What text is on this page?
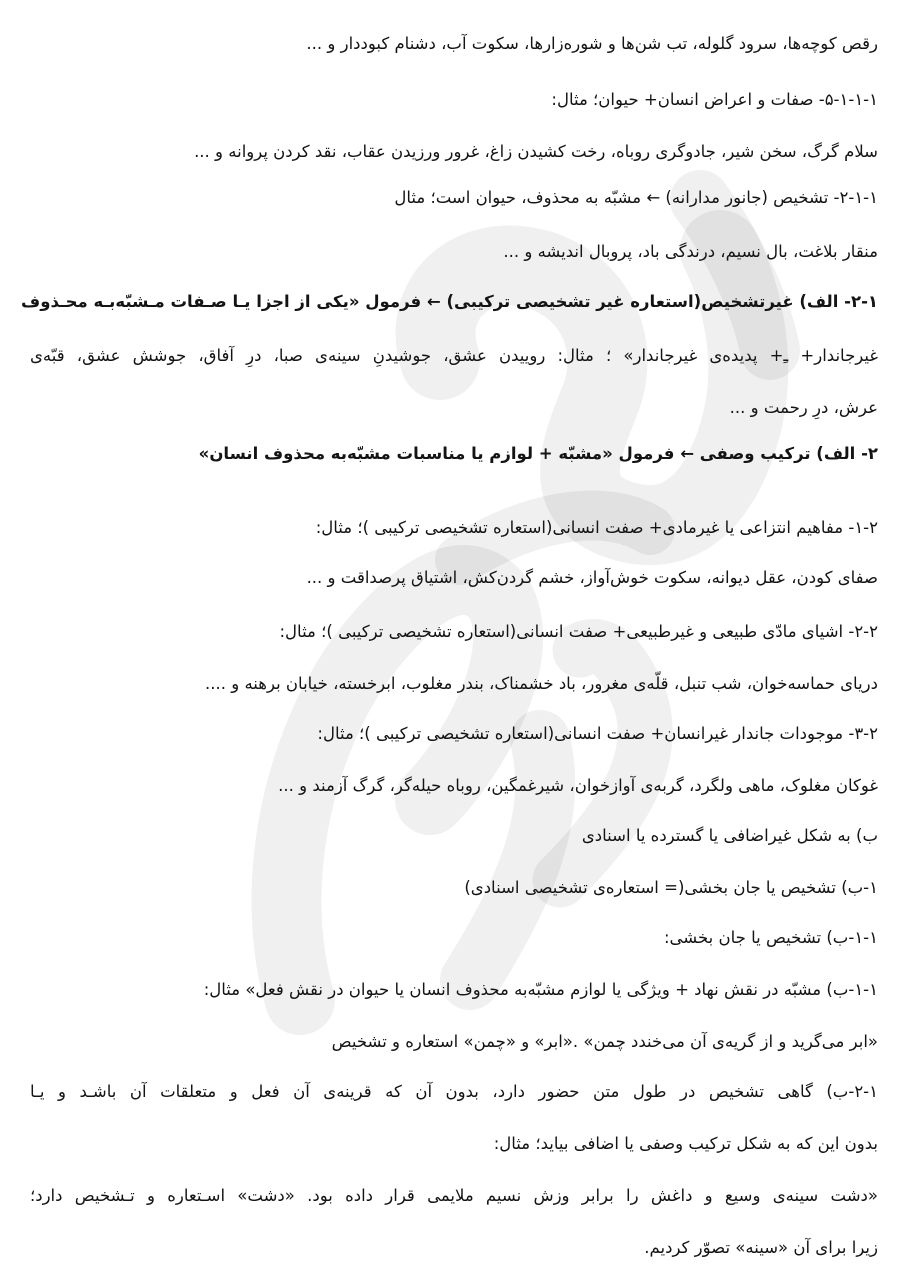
رقص کوچه‌ها، سرود گلوله، تب شن‌ها و شوره‌زارها، سکوت آب، دشنام کبوددار و ...
۵-۱-۱-۱- صفات و اعراض انسان+ حیوان؛ مثال:
سلام گرگ، سخن شیر، جادوگری روباه، رخت کشیدن زاغ، غرور ورزیدن عقاب، نقد کردن پروانه و ...
۲-۱-۱- تشخیص (جانور مدارانه) ← مشبّه به محذوف، حیوان است؛ مثال
منقار بلاغت، بال نسیم، درندگی باد، پروبال اندیشه و ...
۲-۱- الف) غیرتشخیص(استعاره غیر تشخیصی ترکیبی) ← فرمول «یکی از اجزا یـا صـفات مـشبّه‌بـه محـذوف
غیرجاندار+ ـِ+ پدیده‌ی غیرجاندار» ؛ مثال: روییدن عشق، جوشیدنِ سینه‌ی صبا، درِ آفاق، جوشش عشق، قبّه‌ی
عرش، درِ رحمت و ...
۲- الف) ترکیب وصفی ← فرمول «مشبّه + لوازم یا مناسبات مشبّه‌به محذوف انسان»
۱-۲- مفاهیم انتزاعی یا غیرمادی+ صفت انسانی(استعاره تشخیصی ترکیبی )؛ مثال:
صفای کودن، عقل دیوانه، سکوت خوش‌آواز، خشم گردن‌کش، اشتیاق پرصداقت و ...
۲-۲- اشیای مادّی طبیعی و غیرطبیعی+ صفت انسانی(استعاره تشخیصی ترکیبی )؛ مثال:
دریای حماسه‌خوان، شب تنبل، قلّه‌ی مغرور، باد خشمناک، بندر مغلوب، ابرخسته، خیابان برهنه و ....
۳-۲- موجودات جاندار غیرانسان+ صفت انسانی(استعاره تشخیصی ترکیبی )؛ مثال:
غوکان مغلوک، ماهی ولگرد، گربه‌ی آوازخوان، شیرغمگین، روباه حیله‌گر، گرگ آزمند و ...
ب) به شکل غیراضافی یا گسترده یا اسنادی
۱-ب) تشخیص یا جان بخشی(= استعاره‌ی تشخیصی اسنادی)
۱-۱-ب) تشخیص یا جان بخشی:
۱-۱-ب) مشبّه در نقش نهاد + ویژگی یا لوازم مشبّه‌به محذوف انسان یا حیوان در نقش فعل» مثال:
«ابر می‌گرید و از گریه‌ی آن می‌خندد چمن» .«ابر» و «چمن» استعاره و تشخیص
۲-۱-ب) گاهی تشخیص در طول متن حضور دارد، بدون آن که قرینه‌ی آن فعل و متعلقات آن باشـد و یـا
بدون این که به شکل ترکیب وصفی یا اضافی بیاید؛ مثال:
«دشت سینه‌ی وسیع و داغش را برابر وزش نسیم ملایمی قرار داده بود. «دشت» اسـتعاره و تـشخیص دارد؛
زیرا برای آن «سینه» تصوّر کردیم.
